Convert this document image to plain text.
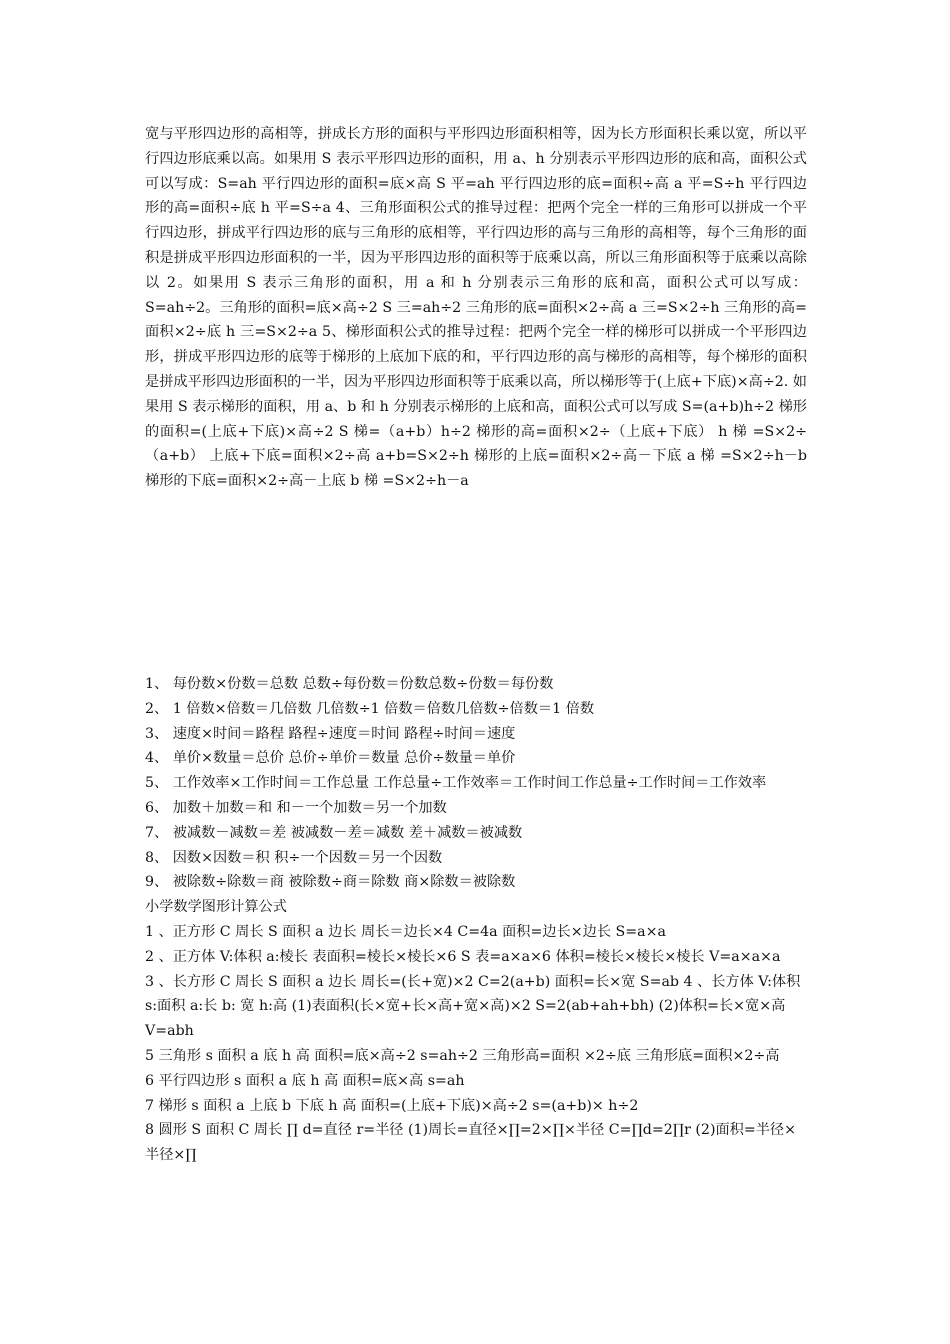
宽与平形四边形的高相等，拼成长方形的面积与平形四边形面积相等，因为长方形面积长乘以宽，所以平行四边形底乘以高。如果用 S 表示平形四边形的面积，用 a、h 分别表示平形四边形的底和高，面积公式可以写成：S=ah 平行四边形的面积=底×高 S 平=ah 平行四边形的底=面积÷高 a 平=S÷h 平行四边形的高=面积÷底 h 平=S÷a 4、三角形面积公式的推导过程：把两个完全一样的三角形可以拼成一个平行四边形，拼成平行四边形的底与三角形的底相等，平行四边形的高与三角形的高相等，每个三角形的面积是拼成平形四边形面积的一半，因为平形四边形的面积等于底乘以高，所以三角形面积等于底乘以高除以 2。如果用 S 表示三角形的面积，用 a 和 h 分别表示三角形的底和高，面积公式可以写成：S=ah÷2。三角形的面积=底×高÷2 S 三=ah÷2 三角形的底=面积×2÷高 a 三=S×2÷h 三角形的高=面积×2÷底 h 三=S×2÷a 5、梯形面积公式的推导过程：把两个完全一样的梯形可以拼成一个平形四边形，拼成平形四边形的底等于梯形的上底加下底的和，平行四边形的高与梯形的高相等，每个梯形的面积是拼成平形四边形面积的一半，因为平形四边形面积等于底乘以高，所以梯形等于(上底+下底)×高÷2. 如果用 S 表示梯形的面积，用 a、b 和 h 分别表示梯形的上底和高，面积公式可以写成 S=(a+b)h÷2 梯形的面积=(上底+下底)×高÷2 S 梯=（a+b）h÷2 梯形的高=面积×2÷（上底+下底） h 梯 =S×2÷（a+b） 上底+下底=面积×2÷高 a+b=S×2÷h 梯形的上底=面积×2÷高－下底 a 梯 =S×2÷h－b 梯形的下底=面积×2÷高－上底 b 梯 =S×2÷h－a
1、 每份数×份数＝总数 总数÷每份数＝份数总数÷份数＝每份数
2、 1 倍数×倍数＝几倍数 几倍数÷1 倍数＝倍数几倍数÷倍数＝1 倍数
3、 速度×时间＝路程 路程÷速度＝时间 路程÷时间＝速度
4、 单价×数量＝总价 总价÷单价＝数量 总价÷数量＝单价
5、 工作效率×工作时间＝工作总量 工作总量÷工作效率＝工作时间工作总量÷工作时间＝工作效率
6、 加数＋加数＝和 和－一个加数＝另一个加数
7、 被减数－减数＝差 被减数－差＝减数 差＋减数＝被减数
8、 因数×因数＝积 积÷一个因数＝另一个因数
9、 被除数÷除数＝商 被除数÷商＝除数 商×除数＝被除数
小学数学图形计算公式
1 、正方形 C 周长 S 面积 a 边长 周长＝边长×4 C=4a 面积=边长×边长 S=a×a
2 、正方体 V:体积 a:棱长 表面积=棱长×棱长×6 S 表=a×a×6 体积=棱长×棱长×棱长 V=a×a×a
3 、长方形 C 周长 S 面积 a 边长 周长=(长+宽)×2 C=2(a+b) 面积=长×宽 S=ab 4 、长方体 V:体积 s:面积 a:长 b: 宽 h:高 (1)表面积(长×宽+长×高+宽×高)×2 S=2(ab+ah+bh) (2)体积=长×宽×高 V=abh
5 三角形 s 面积 a 底 h 高 面积=底×高÷2 s=ah÷2 三角形高=面积 ×2÷底 三角形底=面积×2÷高
6 平行四边形 s 面积 a 底 h 高 面积=底×高 s=ah
7 梯形 s 面积 a 上底 b 下底 h 高 面积=(上底+下底)×高÷2 s=(a+b)× h÷2
8 圆形 S 面积 C 周长 ∏ d=直径 r=半径 (1)周长=直径×∏=2×∏×半径 C=∏d=2∏r (2)面积=半径×半径×∏
